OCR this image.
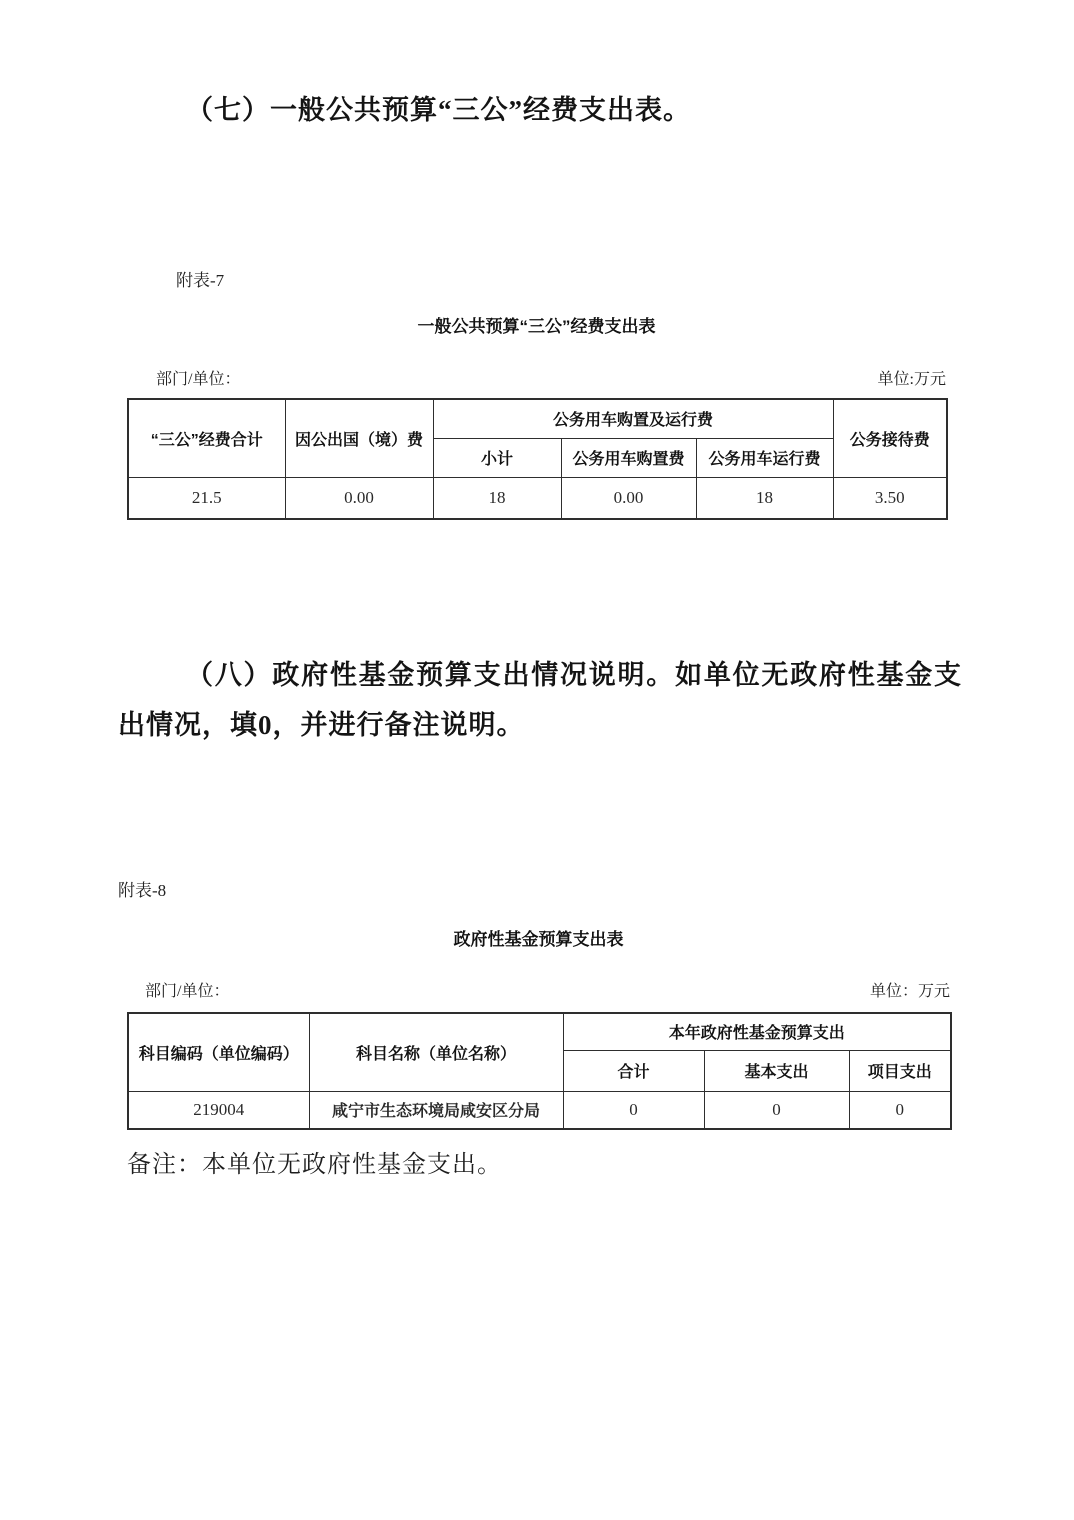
（七）一般公共预算“三公”经费支出表。
附表-7
一般公共预算“三公”经费支出表
部门/单位：	单位:万元
“三公”经费合计	因公出国（境）费	公务用车购置及运行费			公务接待费
		小计	公务用车购置费	公务用车运行费	
21.5	0.00	18	0.00	18	3.50
（八）政府性基金预算支出情况说明。如单位无政府性基金支出情况，填0，并进行备注说明。
附表-8
政府性基金预算支出表
部门/单位：	单位：万元
科目编码（单位编码）	科目名称（单位名称）	本年政府性基金预算支出		
		合计	基本支出	项目支出
219004	咸宁市生态环境局咸安区分局	0	0	0
备注：本单位无政府性基金支出。
